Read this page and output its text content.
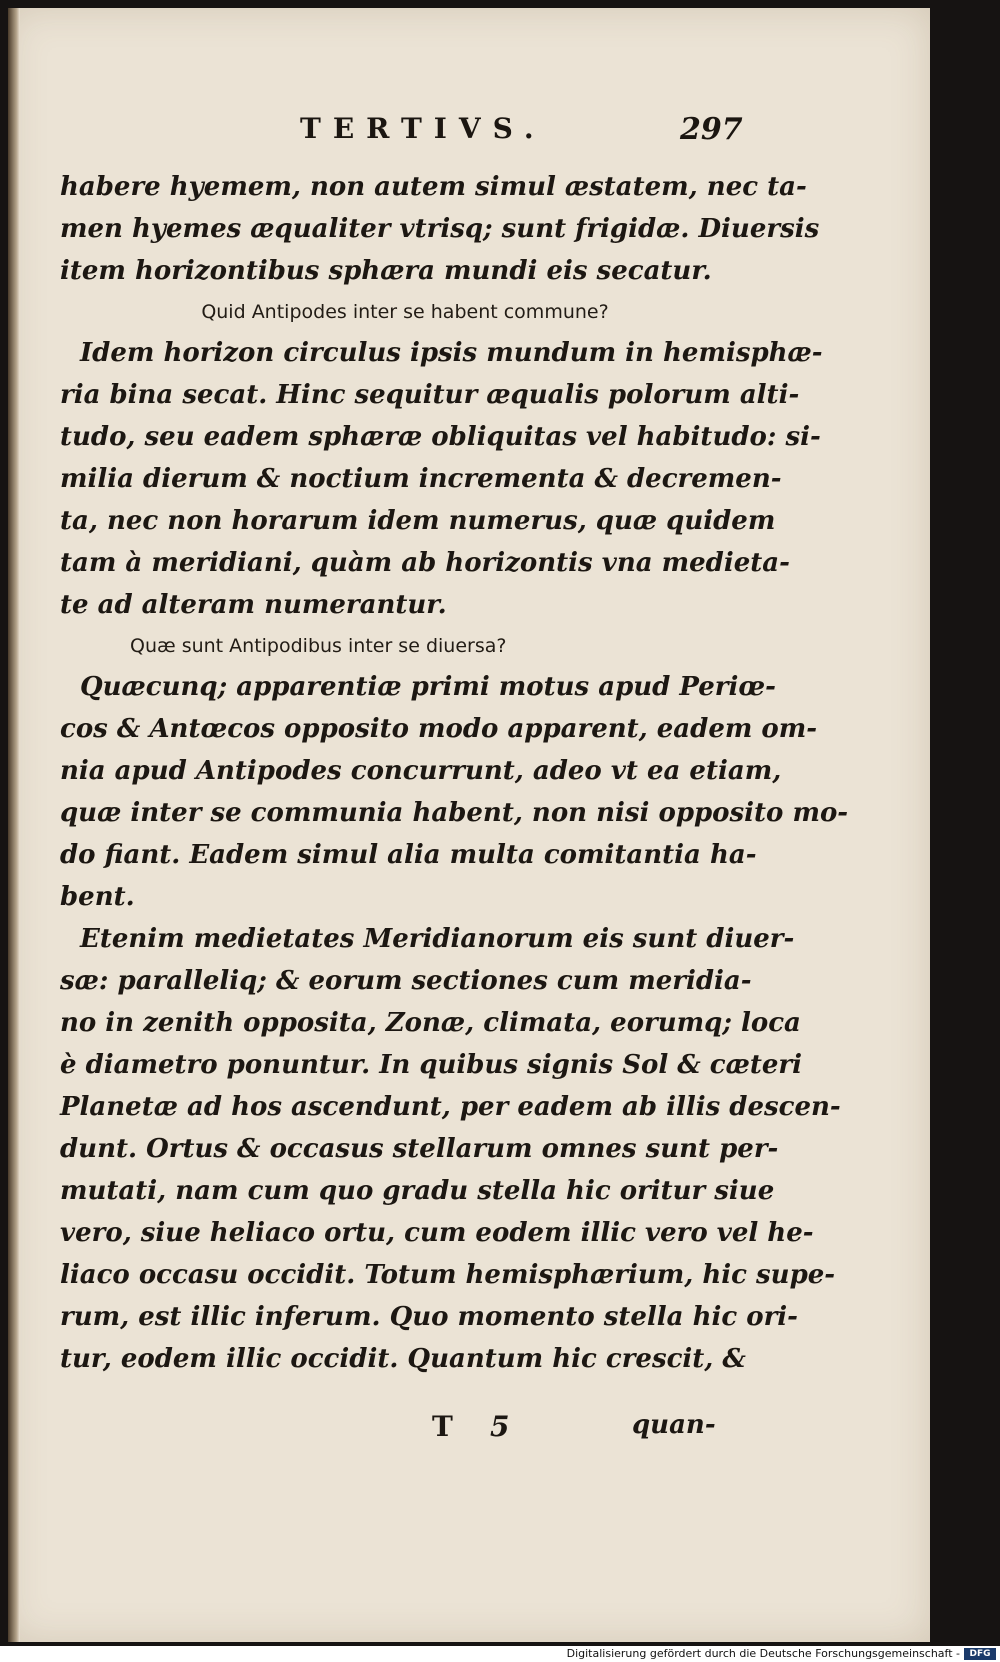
TERTIVS.	297
habere hyemem, non autem simul æstatem, nec ta-
men hyemes æqualiter vtrisq; sunt frigidæ. Diuersis
item horizontibus sphæra mundi eis secatur.
Quid Antipodes inter se habent commune?
Idem horizon circulus ipsis mundum in hemisphæ-
ria bina secat. Hinc sequitur æqualis polorum alti-
tudo, seu eadem sphæræ obliquitas vel habitudo: si-
milia dierum & noctium incrementa & decremen-
ta, nec non horarum idem numerus, quæ quidem
tam à meridiani, quàm ab horizontis vna medieta-
te ad alteram numerantur.
Quæ sunt Antipodibus inter se diuersa?
Quæcunq; apparentiæ primi motus apud Periœ-
cos & Antœcos opposito modo apparent, eadem om-
nia apud Antipodes concurrunt, adeo vt ea etiam,
quæ inter se communia habent, non nisi opposito mo-
do fiant. Eadem simul alia multa comitantia ha-
bent.
Etenim medietates Meridianorum eis sunt diuer-
sæ: paralleliq; & eorum sectiones cum meridia-
no in zenith opposita, Zonæ, climata, eorumq; loca
è diametro ponuntur. In quibus signis Sol & cæteri
Planetæ ad hos ascendunt, per eadem ab illis descen-
dunt. Ortus & occasus stellarum omnes sunt per-
mutati, nam cum quo gradu stella hic oritur siue
vero, siue heliaco ortu, cum eodem illic vero vel he-
liaco occasu occidit. Totum hemisphærium, hic supe-
rum, est illic inferum. Quo momento stella hic ori-
tur, eodem illic occidit. Quantum hic crescit, &
T 5	quan-
Digitalisierung gefördert durch die Deutsche Forschungsgemeinschaft -	DFG
